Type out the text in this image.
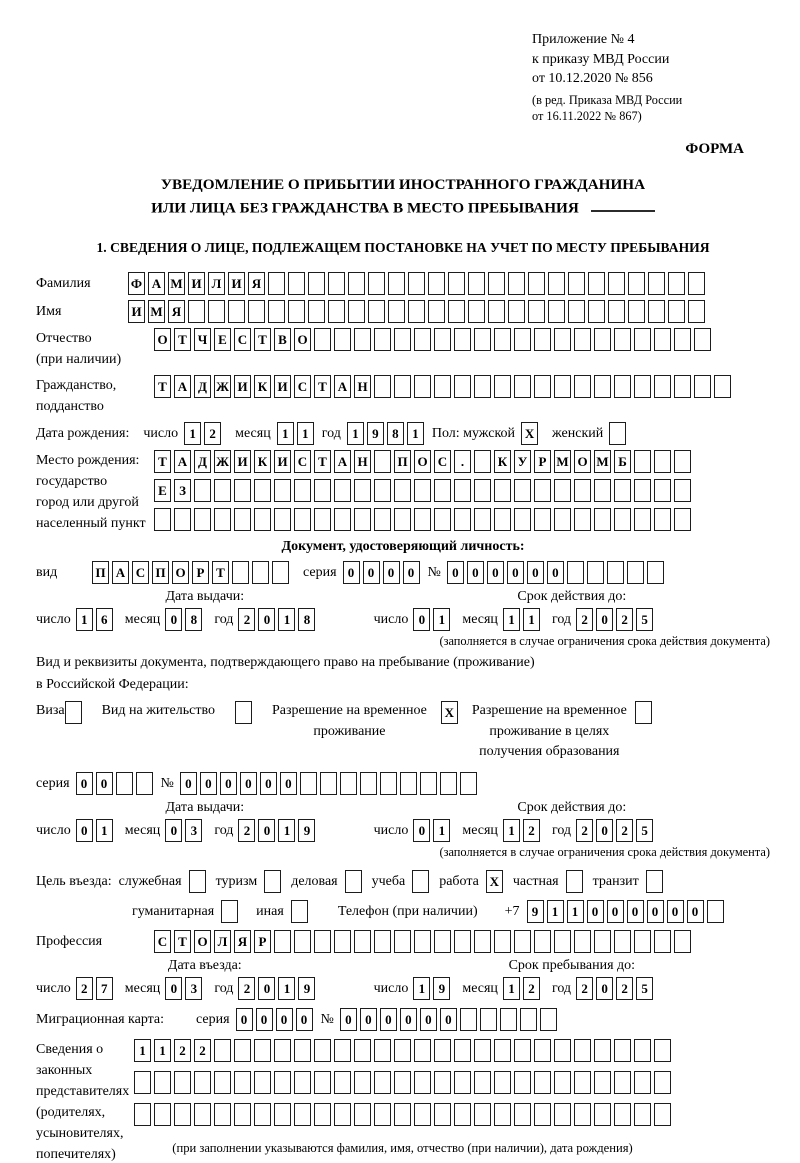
Приложение № 4
к приказу МВД России
от 10.12.2020 № 856
(в ред. Приказа МВД России
от 16.11.2022 № 867)
ФОРМА
УВЕДОМЛЕНИЕ О ПРИБЫТИИ ИНОСТРАННОГО ГРАЖДАНИНА
ИЛИ ЛИЦА БЕЗ ГРАЖДАНСТВА В МЕСТО ПРЕБЫВАНИЯ
1. СВЕДЕНИЯ О ЛИЦЕ, ПОДЛЕЖАЩЕМ ПОСТАНОВКЕ НА УЧЕТ ПО МЕСТУ ПРЕБЫВАНИЯ
Фамилия	Ф А М И Л И Я
Имя	И М Я
Отчество
(при наличии)
О Т Ч Е С Т В О
Гражданство,
подданство
Т А Д Ж И К И С Т А Н
Дата рождения: число 1	2	месяц 1	1 год 1	9	8	1 Пол: мужской X женский
Место рождения:
государство
город или другой
населенный пункт
Т А Д Ж И К И С Т А Н П О С	.	К У Р М О М Б
Е З
Документ, удостоверяющий личность:
вид	П А С П О Р Т	серия 0	0	0	0 № 0	0	0	0	0	0
Дата выдачи:
число 1	6	месяц 0	8	год 2	0	1	8
Срок действия до:
число 0	1	месяц 1	1	год 2	0	2	5
(заполняется в случае ограничения срока действия документа)
Вид и реквизиты документа, подтверждающего право на пребывание (проживание)
в Российской Федерации:
Виза	Вид на жительство	Разрешение на временное
проживание
X Разрешение на временное
проживание в целях
получения образования
серия 0	0	№ 0	0	0	0	0	0
Дата выдачи:
число 0	1	месяц 0	3	год 2	0	1	9
Срок действия до:
число 0	1	месяц 1	2	год 2	0	2	5
(заполняется в случае ограничения срока действия документа)
Цель въезда: служебная туризм деловая учеба работа X частная транзит
гуманитарная	иная	Телефон (при наличии) +7 9	1	1	0	0	0	0	0	0
Профессия	С Т О Л Я Р
Дата въезда:
число 2	7	месяц 0	3	год 2	0	1	9
Срок пребывания до:
число 1	9	месяц 1	2	год 2	0	2	5
Миграционная карта:	серия 0	0	0	0 № 0	0	0	0	0	0
Сведения о
законных
представителях
(родителях,
усыновителях,
попечителях)
1	1	2	2
(при заполнении указываются фамилия, имя, отчество (при наличии), дата рождения)
